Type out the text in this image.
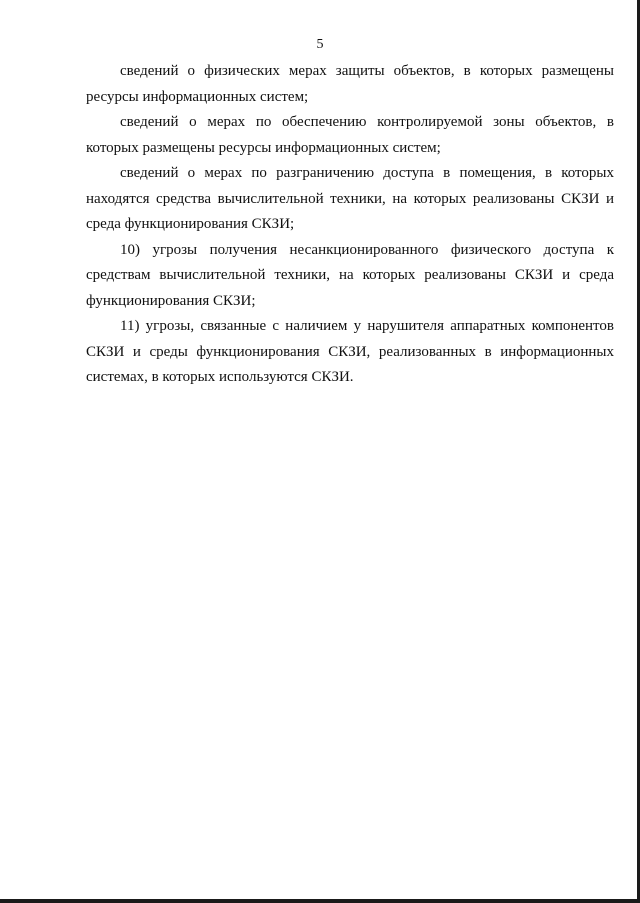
5

сведений о физических мерах защиты объектов, в которых размещены ресурсы информационных систем;

сведений о мерах по обеспечению контролируемой зоны объектов, в которых размещены ресурсы информационных систем;

сведений о мерах по разграничению доступа в помещения, в которых находятся средства вычислительной техники, на которых реализованы СКЗИ и среда функционирования СКЗИ;

10) угрозы получения несанкционированного физического доступа к средствам вычислительной техники, на которых реализованы СКЗИ и среда функционирования СКЗИ;

11) угрозы, связанные с наличием у нарушителя аппаратных компонентов СКЗИ и среды функционирования СКЗИ, реализованных в информационных системах, в которых используются СКЗИ.
